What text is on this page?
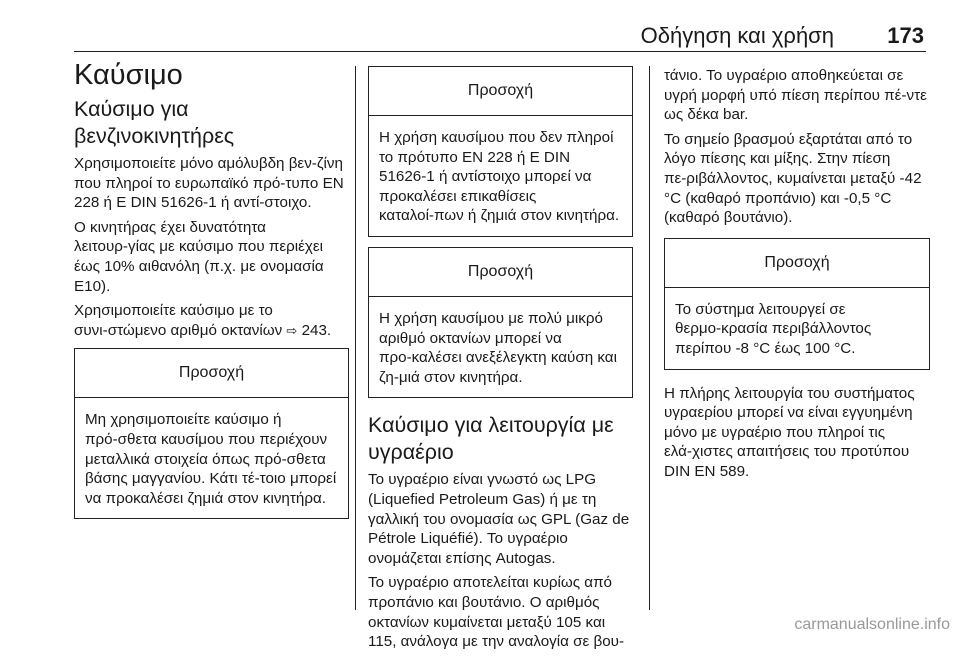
Οδήγηση και χρήση 173
Καύσιμο
Καύσιμο για βενζινοκινητήρες

Χρησιμοποιείτε μόνο αμόλυβδη βεν‑ζίνη που πληροί το ευρωπαϊκό πρό‑τυπο EN 228 ή E DIN 51626‑1 ή αντί‑στοιχο.

Ο κινητήρας έχει δυνατότητα λειτουρ‑γίας με καύσιμο που περιέχει έως 10% αιθανόλη (π.χ. με ονομασία E10).

Χρησιμοποιείτε καύσιμο με το συνι‑στώμενο αριθμό οκτανίων ⇨ 243.

Προσοχή
Μη χρησιμοποιείτε καύσιμο ή πρό‑σθετα καυσίμου που περιέχουν μεταλλικά στοιχεία όπως πρό‑σθετα βάσης μαγγανίου. Κάτι τέ‑τοιο μπορεί να προκαλέσει ζημιά στον κινητήρα.
Προσοχή
Η χρήση καυσίμου που δεν πληροί το πρότυπο EN 228 ή E DIN 51626‑1 ή αντίστοιχο μπορεί να προκαλέσει επικαθίσεις καταλοί‑πων ή ζημιά στον κινητήρα.
Προσοχή
Η χρήση καυσίμου με πολύ μικρό αριθμό οκτανίων μπορεί να προ‑καλέσει ανεξέλεγκτη καύση και ζη‑μιά στον κινητήρα.
Καύσιμο για λειτουργία με υγραέριο

Το υγραέριο είναι γνωστό ως LPG (Liquefied Petroleum Gas) ή με τη γαλλική του ονομασία ως GPL (Gaz de Pétrole Liquéfié). Το υγραέριο ονομάζεται επίσης Autogas.

Το υγραέριο αποτελείται κυρίως από προπάνιο και βουτάνιο. Ο αριθμός οκτανίων κυμαίνεται μεταξύ 105 και 115, ανάλογα με την αναλογία σε βου‑

τάνιο. Το υγραέριο αποθηκεύεται σε υγρή μορφή υπό πίεση περίπου πέ‑ντε ως δέκα bar.

Το σημείο βρασμού εξαρτάται από το λόγο πίεσης και μίξης. Στην πίεση πε‑ριβάλλοντος, κυμαίνεται μεταξύ -42 °C (καθαρό προπάνιο) και -0,5 °C (καθαρό βουτάνιο).

Προσοχή
Το σύστημα λειτουργεί σε θερμο‑κρασία περιβάλλοντος περίπου -8 °C έως 100 °C.

Η πλήρης λειτουργία του συστήματος υγραερίου μπορεί να είναι εγγυημένη μόνο με υγραέριο που πληροί τις ελά‑χιστες απαιτήσεις του προτύπου DIN EN 589.

carmanualsonline.info
